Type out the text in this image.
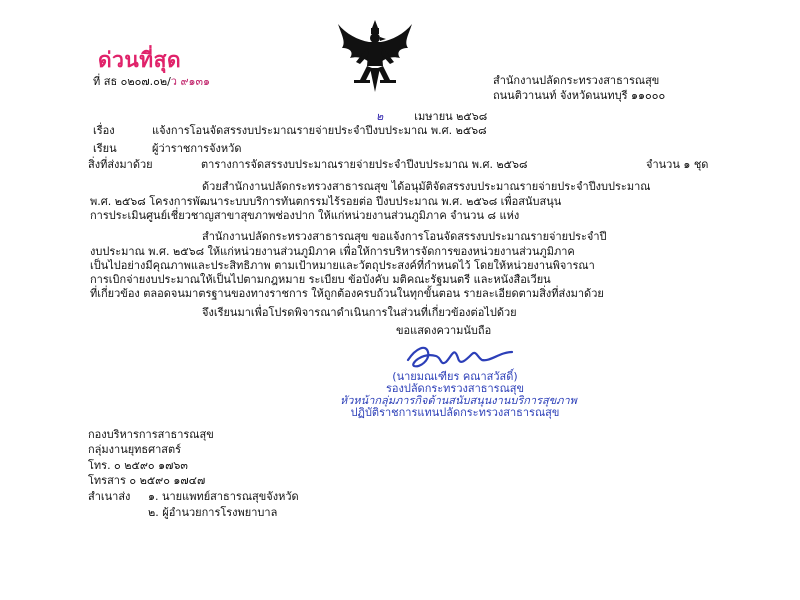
ด่วนที่สุด
ที่ สธ ๐๒๐๗.๐๒/ว ๙๑๓๑	สำนักงานปลัดกระทรวงสาธารณสุข
ถนนติวานนท์ จังหวัดนนทบุรี ๑๑๐๐๐
๒	เมษายน ๒๕๖๘
เรื่อง	แจ้งการโอนจัดสรรงบประมาณรายจ่ายประจำปีงบประมาณ พ.ศ. ๒๕๖๘
เรียน	ผู้ว่าราชการจังหวัด
สิ่งที่ส่งมาด้วย	ตารางการจัดสรรงบประมาณรายจ่ายประจำปีงบประมาณ พ.ศ. ๒๕๖๘	จำนวน ๑ ชุด
ด้วยสำนักงานปลัดกระทรวงสาธารณสุข ได้อนุมัติจัดสรรงบประมาณรายจ่ายประจำปีงบประมาณ
พ.ศ. ๒๕๖๘ โครงการพัฒนาระบบบริการทันตกรรมไร้รอยต่อ ปีงบประมาณ พ.ศ. ๒๕๖๘ เพื่อสนับสนุน
การประเมินศูนย์เชี่ยวชาญสาขาสุขภาพช่องปาก ให้แก่หน่วยงานส่วนภูมิภาค จำนวน ๘ แห่ง
สำนักงานปลัดกระทรวงสาธารณสุข ขอแจ้งการโอนจัดสรรงบประมาณรายจ่ายประจำปี
งบประมาณ พ.ศ. ๒๕๖๘ ให้แก่หน่วยงานส่วนภูมิภาค เพื่อให้การบริหารจัดการของหน่วยงานส่วนภูมิภาค
เป็นไปอย่างมีคุณภาพและประสิทธิภาพ ตามเป้าหมายและวัตถุประสงค์ที่กำหนดไว้ โดยให้หน่วยงานพิจารณา
การเบิกจ่ายงบประมาณให้เป็นไปตามกฎหมาย ระเบียบ ข้อบังคับ มติคณะรัฐมนตรี และหนังสือเวียน
ที่เกี่ยวข้อง ตลอดจนมาตรฐานของทางราชการ ให้ถูกต้องครบถ้วนในทุกขั้นตอน รายละเอียดตามสิ่งที่ส่งมาด้วย
จึงเรียนมาเพื่อโปรดพิจารณาดำเนินการในส่วนที่เกี่ยวข้องต่อไปด้วย
ขอแสดงความนับถือ
(นายมณเฑียร คณาสวัสดิ์)
รองปลัดกระทรวงสาธารณสุข
หัวหน้ากลุ่มภารกิจด้านสนับสนุนงานบริการสุขภาพ
ปฏิบัติราชการแทนปลัดกระทรวงสาธารณสุข
กองบริหารการสาธารณสุข
กลุ่มงานยุทธศาสตร์
โทร. ๐ ๒๕๙๐ ๑๗๖๓
โทรสาร ๐ ๒๕๙๐ ๑๗๔๗
สำเนาส่ง ๑. นายแพทย์สาธารณสุขจังหวัด
๒. ผู้อำนวยการโรงพยาบาล
